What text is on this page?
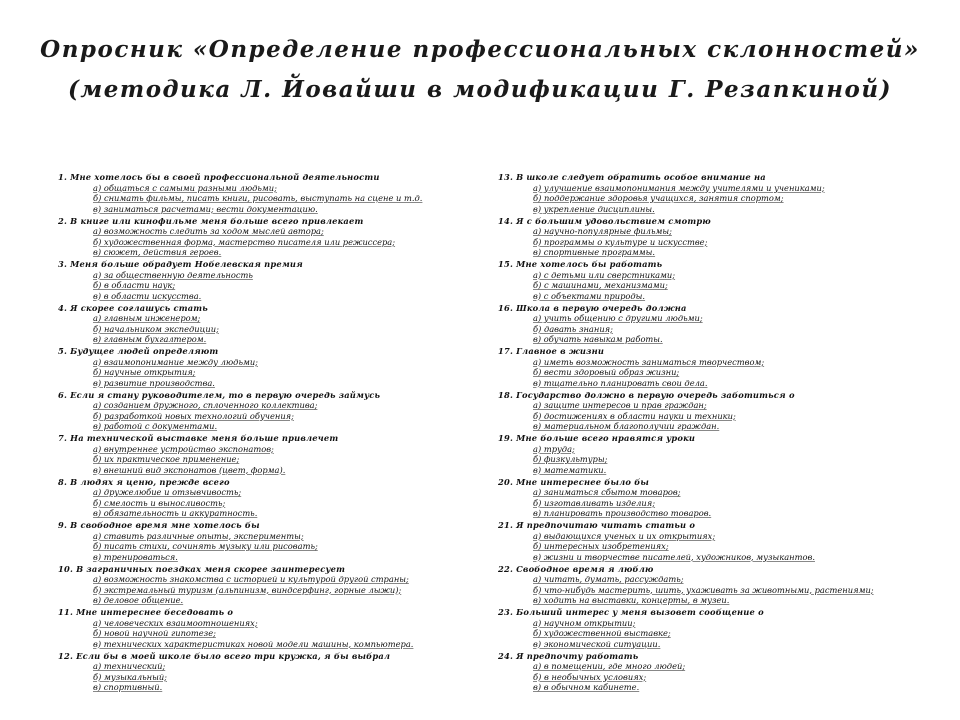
Опросник «Определение профессиональных склонностей»
(методика Л. Йовайши в модификации Г. Резапкиной)
1. Мне хотелось бы в своей профессиональной деятельности
а) общаться с самыми разными людьми;
б) снимать фильмы, писать книги, рисовать, выступать на сцене и т.д.
в) заниматься расчетами; вести документацию.
2. В книге или кинофильме меня больше всего привлекает
а) возможность следить за ходом мыслей автора;
б) художественная форма, мастерство писателя или режиссера;
в) сюжет, действия героев.
3. Меня больше обрадует Нобелевская премия
а) за общественную деятельность
б) в области наук;
в) в области искусства.
4. Я скорее соглашусь стать
а) главным инженером;
б) начальником экспедиции;
в) главным бухгалтером.
5. Будущее людей определяют
а) взаимопонимание между людьми;
б) научные открытия;
в) развитие производства.
6. Если я стану руководителем, то в первую очередь займусь
а) созданием дружного, сплоченного коллектива;
б) разработкой новых технологий обучения;
в) работой с документами.
7. На технической выставке меня больше привлечет
а) внутреннее устройство экспонатов;
б) их практическое применение;
в) внешний вид экспонатов (цвет, форма).
8. В людях я ценю, прежде всего
а) дружелюбие и отзывчивость;
б) смелость и выносливость;
в) обязательность и аккуратность.
9. В свободное время мне хотелось бы
а) ставить различные опыты, эксперименты;
б) писать стихи, сочинять музыку или рисовать;
в) тренироваться.
10. В заграничных поездках меня скорее заинтересует
а) возможность знакомства с историей и культурой другой страны;
б) экстремальный туризм (альпинизм, виндсерфинг, горные лыжи);
в) деловое общение.
11. Мне интереснее беседовать о
а) человеческих взаимоотношениях;
б) новой научной гипотезе;
в) технических характеристиках новой модели машины, компьютера.
12. Если бы в моей школе было всего три кружка, я бы выбрал
а) технический;
б) музыкальный;
в) спортивный.
13. В школе следует обратить особое внимание на
а) улучшение взаимопонимания между учителями и учениками;
б) поддержание здоровья учащихся, занятия спортом;
в) укрепление дисциплины.
14. Я с большим удовольствием смотрю
а) научно-популярные фильмы;
б) программы о культуре и искусстве;
в) спортивные программы.
15. Мне хотелось бы работать
а) с детьми или сверстниками;
б) с машинами, механизмами;
в) с объектами природы.
16. Школа в первую очередь должна
а) учить общению с другими людьми;
б) давать знания;
в) обучать навыкам работы.
17. Главное в жизни
а) иметь возможность заниматься творчеством;
б) вести здоровый образ жизни;
в) тщательно планировать свои дела.
18. Государство должно в первую очередь заботиться о
а) защите интересов и прав граждан;
б) достижениях в области науки и техники;
в) материальном благополучии граждан.
19. Мне больше всего нравятся уроки
а) труда;
б) физкультуры;
в) математики.
20. Мне интереснее было бы
а) заниматься сбытом товаров;
б) изготавливать изделия;
в) планировать производство товаров.
21. Я предпочитаю читать статьи о
а) выдающихся ученых и их открытиях;
б) интересных изобретениях;
в) жизни и творчестве писателей, художников, музыкантов.
22. Свободное время я люблю
а) читать, думать, рассуждать;
б) что-нибудь мастерить, шить, ухаживать за животными, растениями;
в) ходить на выставки, концерты, в музеи.
23. Больший интерес у меня вызовет сообщение о
а) научном открытии;
б) художественной выставке;
в) экономической ситуации.
24. Я предпочту работать
а) в помещении, где много людей;
б) в необычных условиях;
в) в обычном кабинете.
